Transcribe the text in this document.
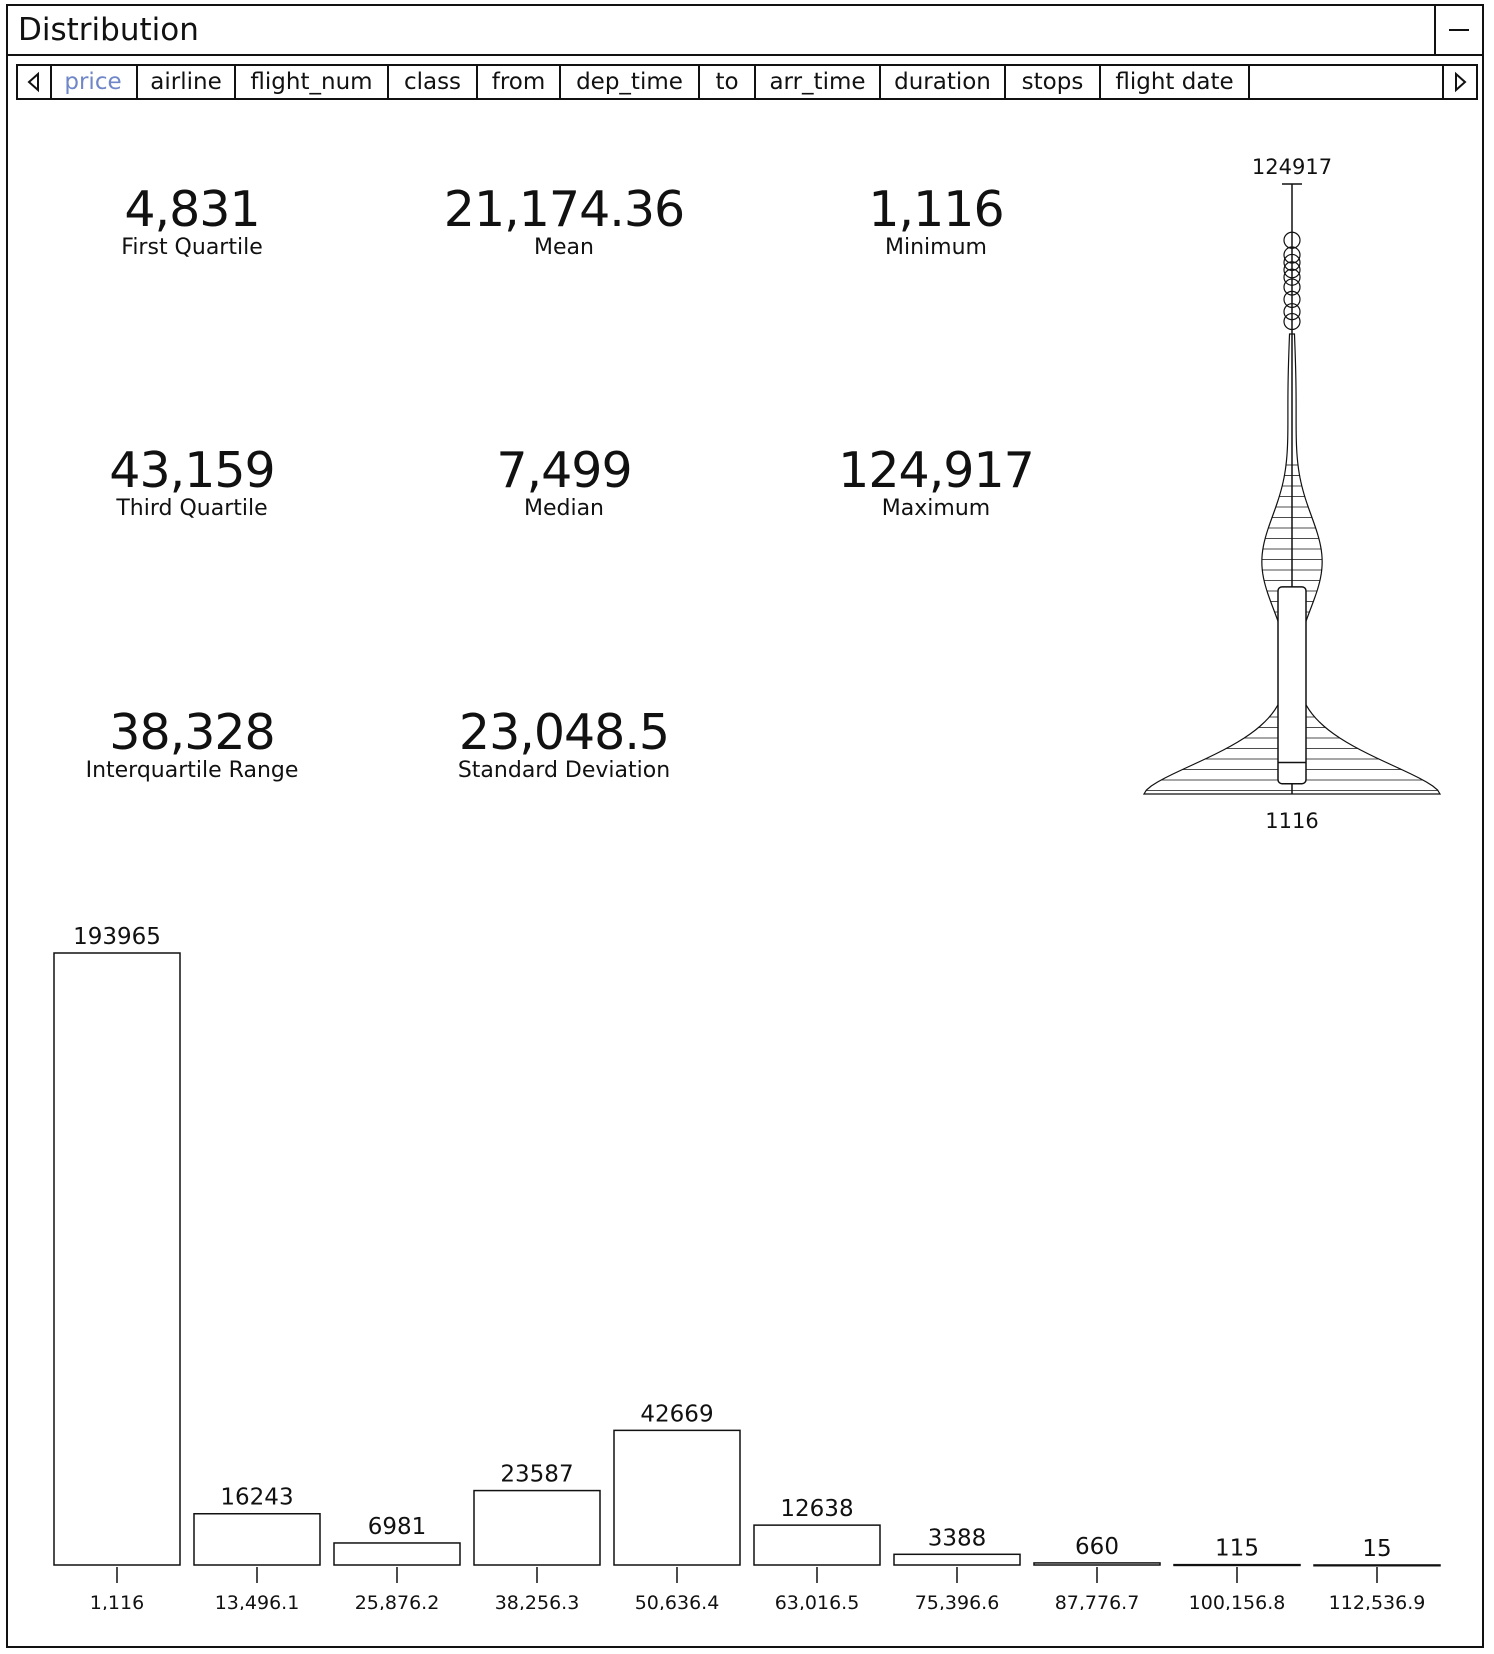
Distribution
price	airline	flight_num	class	from	dep_time	to	arr_time	duration	stops	flight date
4,831
First Quartile
21,174.36
Mean
1,116
Minimum
43,159
Third Quartile
7,499
Median
124,917
Maximum
38,328
Interquartile Range
23,048.5
Standard Deviation
124917
1116
193965
1,116
16243
13,496.1
6981
25,876.2
23587
38,256.3
42669
50,636.4
12638
63,016.5
3388
75,396.6
660
87,776.7
115
100,156.8
15
112,536.9
